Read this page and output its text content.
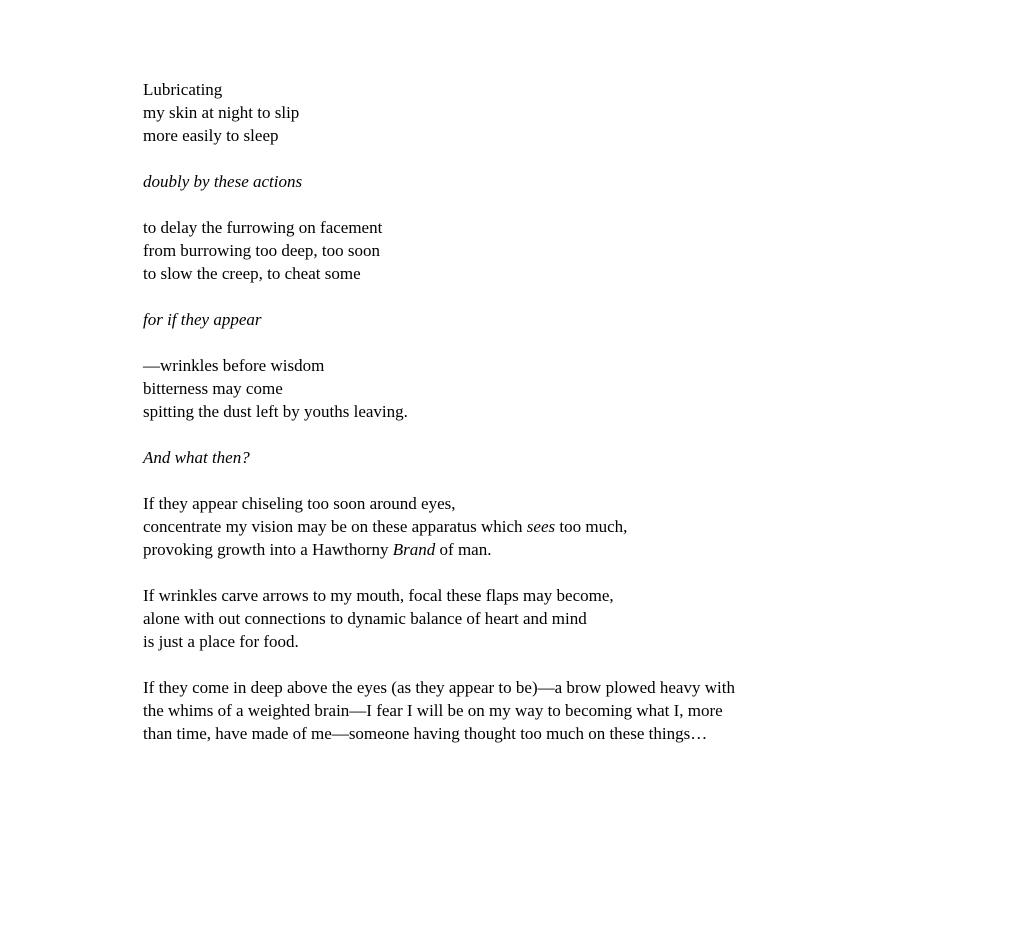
Lubricating
my skin at night to slip
more easily to sleep
doubly by these actions
to delay the furrowing on facement
from burrowing too deep, too soon
to slow the creep, to cheat some
for if they appear
—wrinkles before wisdom
bitterness may come
spitting the dust left by youths leaving.
And what then?
If they appear chiseling too soon around eyes,
concentrate my vision may be on these apparatus which sees too much,
provoking growth into a Hawthorny Brand of man.
If wrinkles carve arrows to my mouth, focal these flaps may become,
alone with out connections to dynamic balance of heart and mind
is just a place for food.
If they come in deep above the eyes (as they appear to be)—a brow plowed heavy with
the whims of a weighted brain—I fear I will be on my way to becoming what I, more
than time, have made of me—someone having thought too much on these things…
